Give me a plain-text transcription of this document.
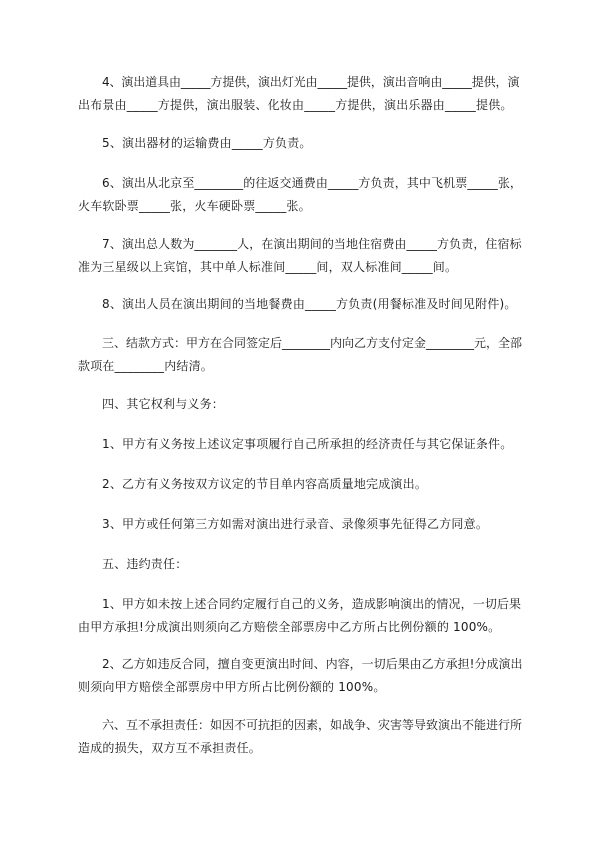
4、演出道具由_____方提供，演出灯光由_____提供，演出音响由_____提供，演
出布景由_____方提供，演出服装、化妆由_____方提供，演出乐器由_____提供。

5、演出器材的运输费由_____方负责。

6、演出从北京至________的往返交通费由_____方负责，其中飞机票_____张，
火车软卧票_____张，火车硬卧票_____张。

7、演出总人数为_______人，在演出期间的当地住宿费由_____方负责，住宿标
准为三星级以上宾馆，其中单人标准间_____间，双人标准间_____间。

8、演出人员在演出期间的当地餐费由_____方负责(用餐标准及时间见附件)。

三、结款方式：甲方在合同签定后________内向乙方支付定金________元，全部
款项在________内结清。

四、其它权利与义务：

1、甲方有义务按上述议定事项履行自己所承担的经济责任与其它保证条件。

2、乙方有义务按双方议定的节目单内容高质量地完成演出。

3、甲方或任何第三方如需对演出进行录音、录像须事先征得乙方同意。

五、违约责任：

1、甲方如未按上述合同约定履行自己的义务，造成影响演出的情况，一切后果
由甲方承担!分成演出则须向乙方赔偿全部票房中乙方所占比例份额的 100%。

2、乙方如违反合同，擅自变更演出时间、内容，一切后果由乙方承担!分成演出
则须向甲方赔偿全部票房中甲方所占比例份额的 100%。

六、互不承担责任：如因不可抗拒的因素，如战争、灾害等导致演出不能进行所
造成的损失，双方互不承担责任。
